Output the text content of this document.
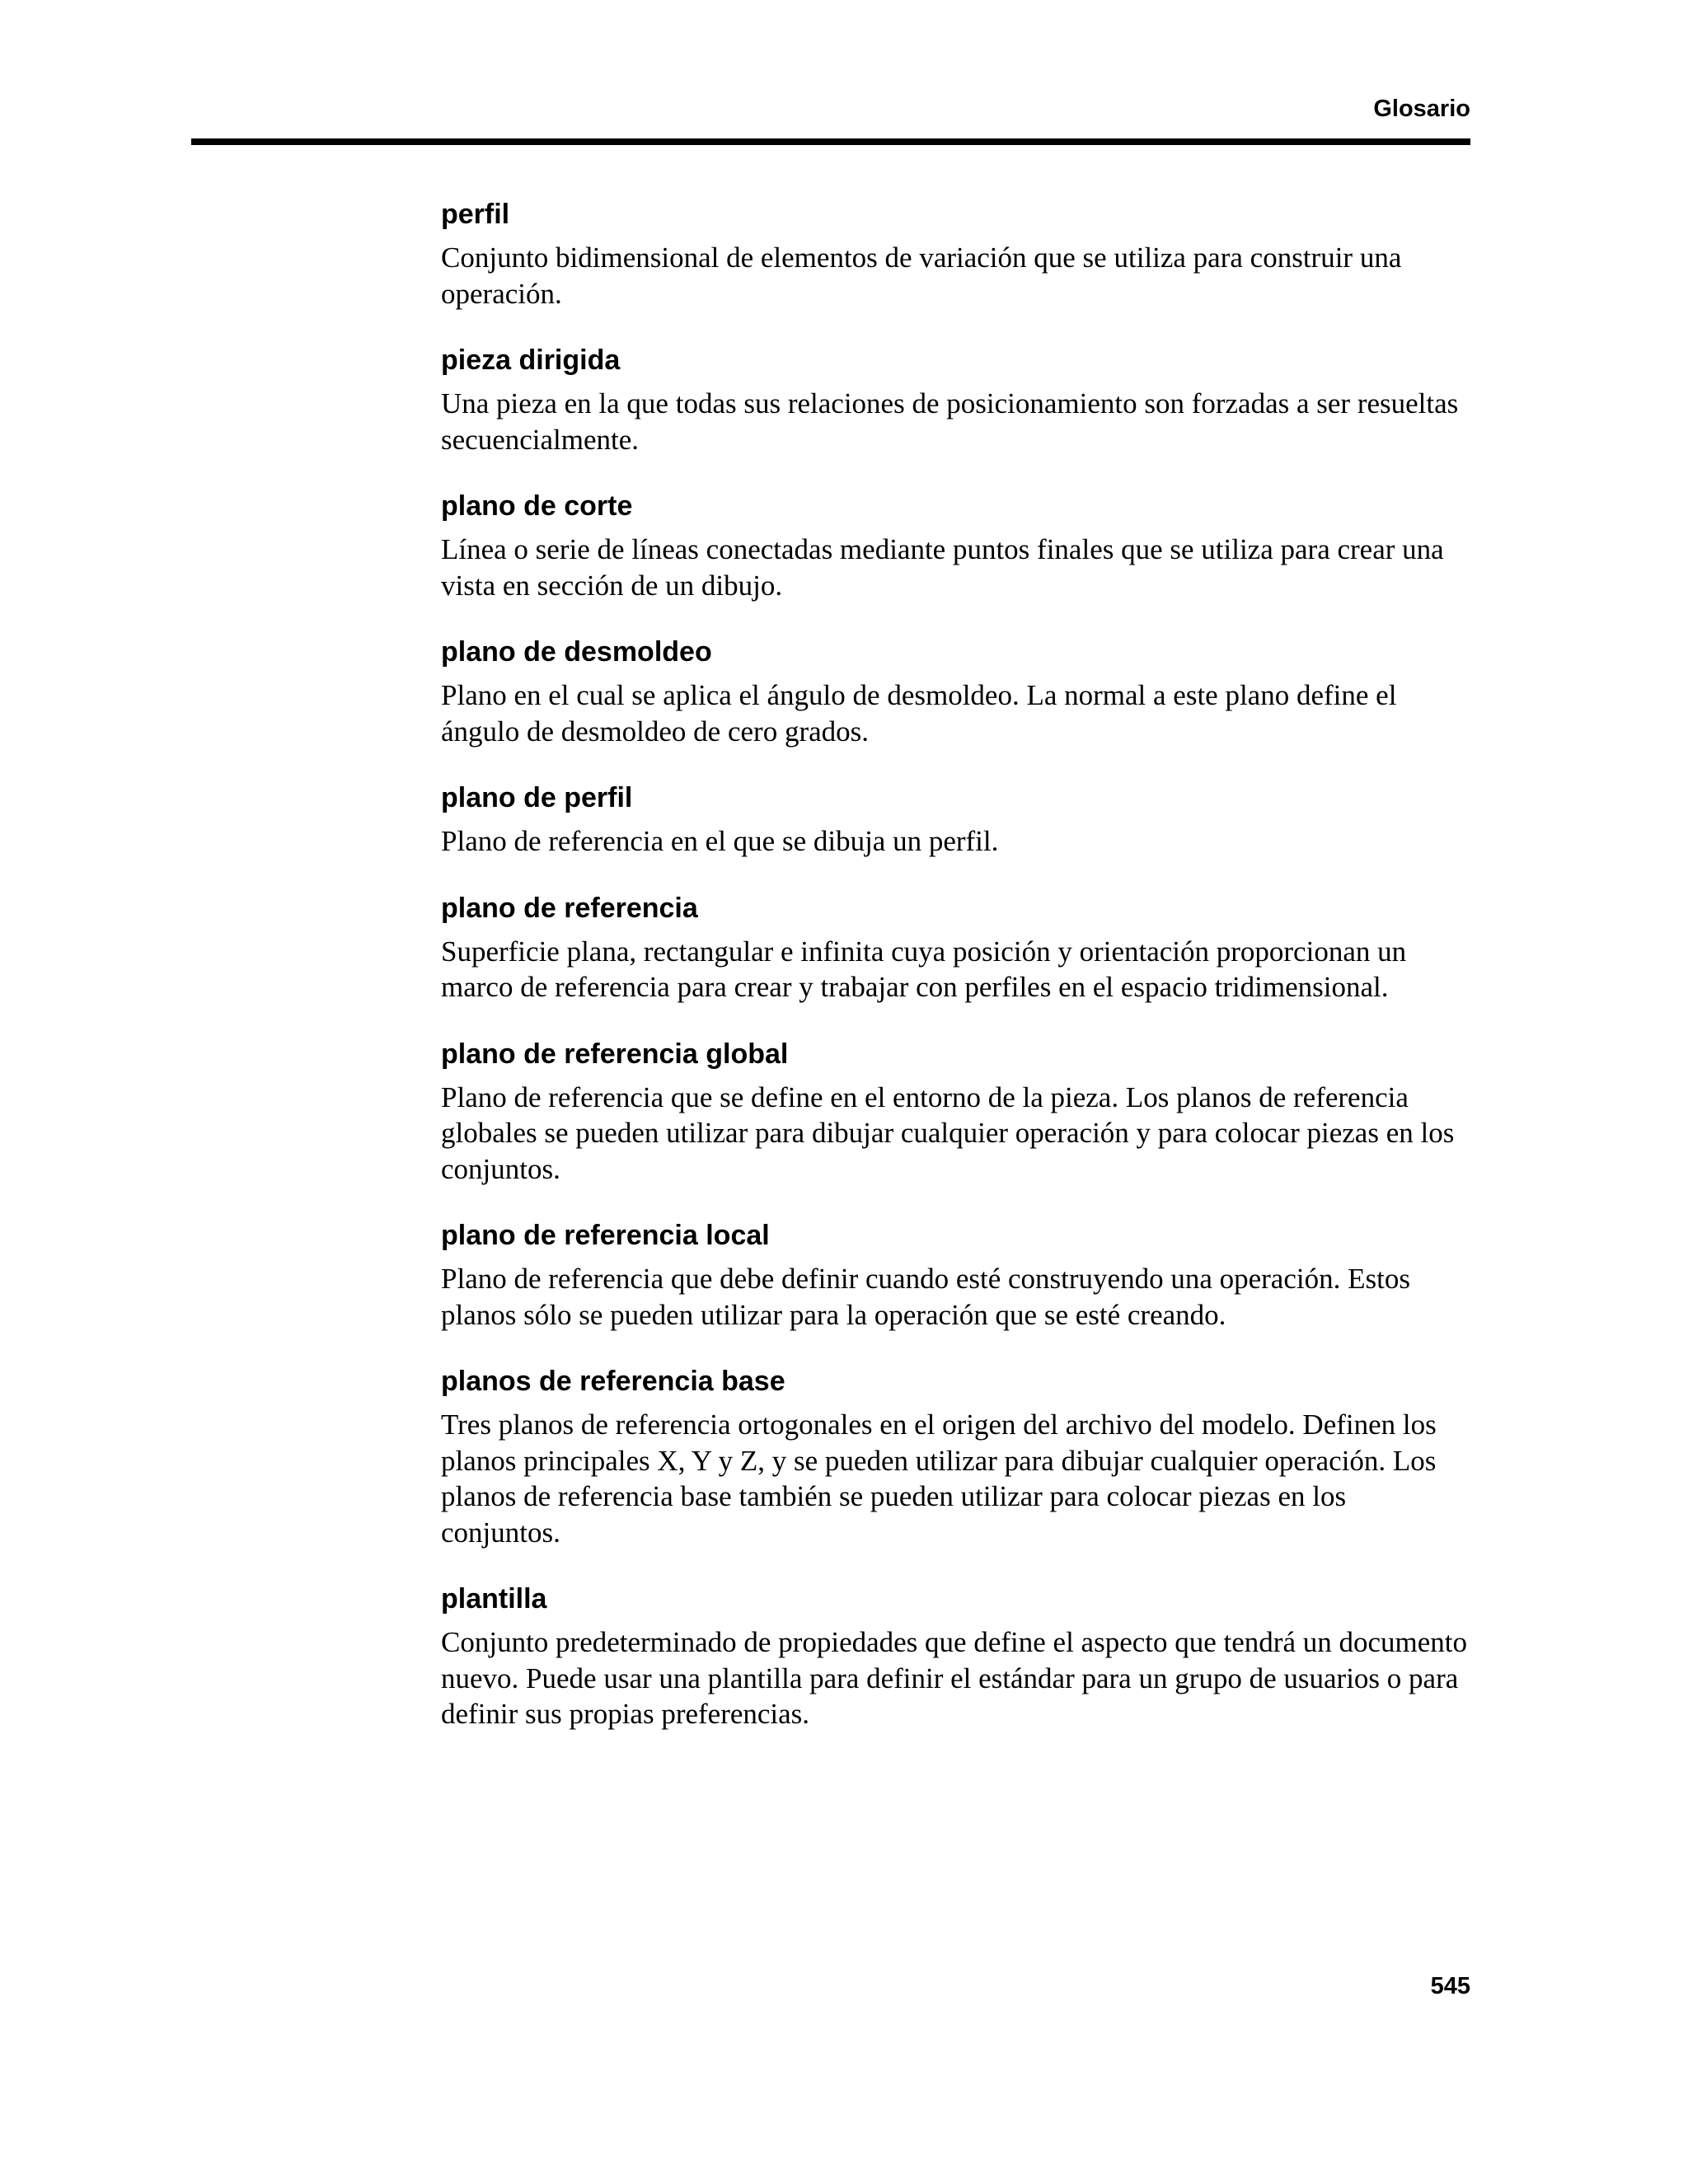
Glosario
perfil

Conjunto bidimensional de elementos de variación que se utiliza para construir una operación.

pieza dirigida

Una pieza en la que todas sus relaciones de posicionamiento son forzadas a ser resueltas secuencialmente.

plano de corte

Línea o serie de líneas conectadas mediante puntos finales que se utiliza para crear una vista en sección de un dibujo.

plano de desmoldeo

Plano en el cual se aplica el ángulo de desmoldeo. La normal a este plano define el ángulo de desmoldeo de cero grados.

plano de perfil

Plano de referencia en el que se dibuja un perfil.

plano de referencia

Superficie plana, rectangular e infinita cuya posición y orientación proporcionan un marco de referencia para crear y trabajar con perfiles en el espacio tridimensional.

plano de referencia global

Plano de referencia que se define en el entorno de la pieza. Los planos de referencia globales se pueden utilizar para dibujar cualquier operación y para colocar piezas en los conjuntos.

plano de referencia local

Plano de referencia que debe definir cuando esté construyendo una operación. Estos planos sólo se pueden utilizar para la operación que se esté creando.

planos de referencia base

Tres planos de referencia ortogonales en el origen del archivo del modelo. Definen los planos principales X, Y y Z, y se pueden utilizar para dibujar cualquier operación. Los planos de referencia base también se pueden utilizar para colocar piezas en los conjuntos.

plantilla

Conjunto predeterminado de propiedades que define el aspecto que tendrá un documento nuevo. Puede usar una plantilla para definir el estándar para un grupo de usuarios o para definir sus propias preferencias.

545
